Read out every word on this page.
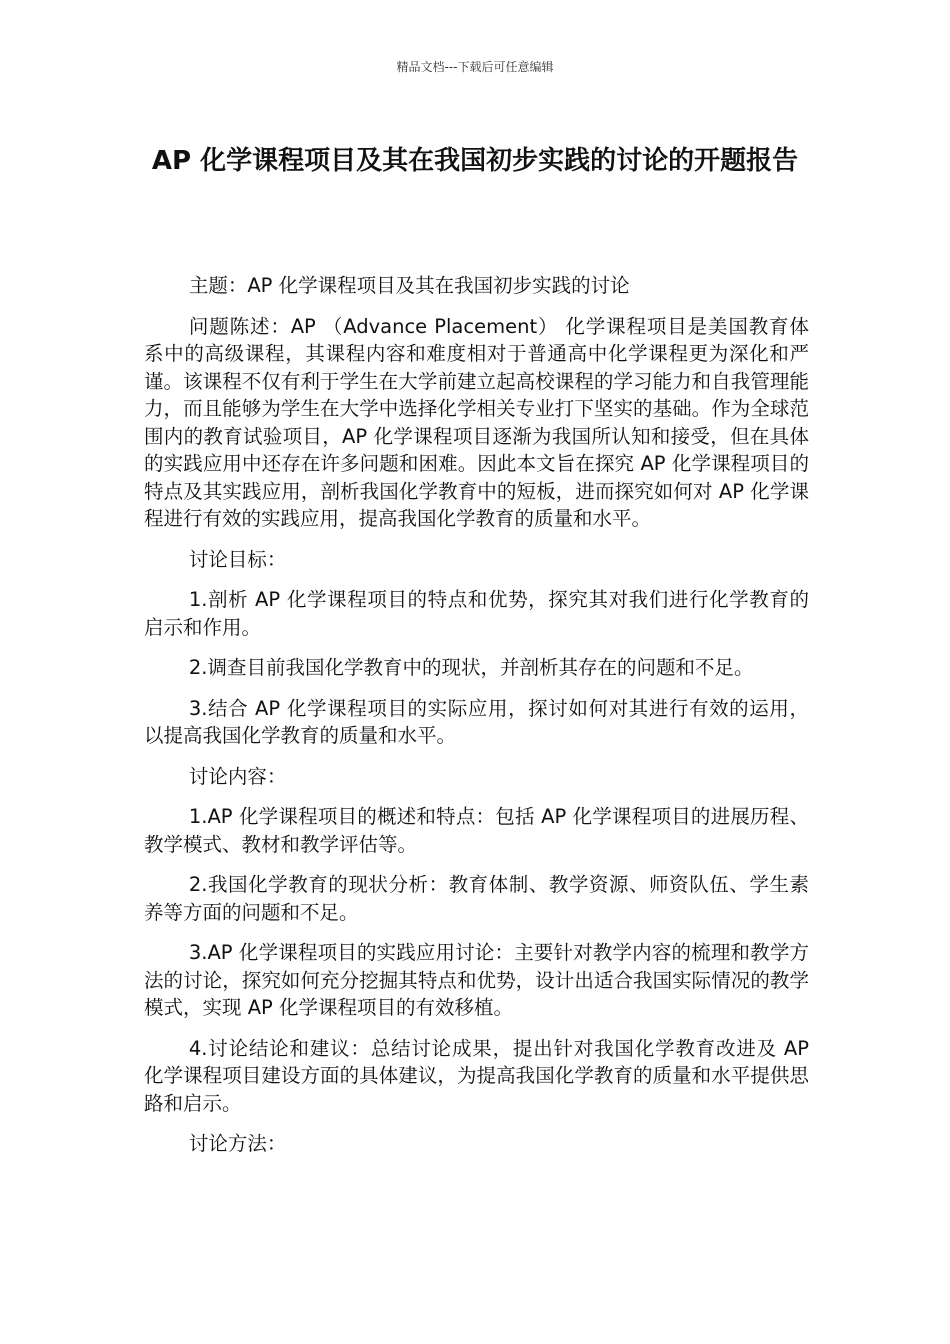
精品文档---下载后可任意编辑
AP 化学课程项目及其在我国初步实践的讨论的开题报告

主题：AP 化学课程项目及其在我国初步实践的讨论

问题陈述：AP （Advance Placement） 化学课程项目是美国教育体系中的高级课程，其课程内容和难度相对于普通高中化学课程更为深化和严谨。该课程不仅有利于学生在大学前建立起高校课程的学习能力和自我管理能力，而且能够为学生在大学中选择化学相关专业打下坚实的基础。作为全球范围内的教育试验项目，AP 化学课程项目逐渐为我国所认知和接受，但在具体的实践应用中还存在许多问题和困难。因此本文旨在探究 AP 化学课程项目的特点及其实践应用，剖析我国化学教育中的短板，进而探究如何对 AP 化学课程进行有效的实践应用，提高我国化学教育的质量和水平。

讨论目标：

1.剖析 AP 化学课程项目的特点和优势，探究其对我们进行化学教育的启示和作用。

2.调查目前我国化学教育中的现状，并剖析其存在的问题和不足。

3.结合 AP 化学课程项目的实际应用，探讨如何对其进行有效的运用，以提高我国化学教育的质量和水平。

讨论内容：

1.AP 化学课程项目的概述和特点：包括 AP 化学课程项目的进展历程、教学模式、教材和教学评估等。

2.我国化学教育的现状分析：教育体制、教学资源、师资队伍、学生素养等方面的问题和不足。

3.AP 化学课程项目的实践应用讨论：主要针对教学内容的梳理和教学方法的讨论，探究如何充分挖掘其特点和优势，设计出适合我国实际情况的教学模式，实现 AP 化学课程项目的有效移植。

4.讨论结论和建议：总结讨论成果，提出针对我国化学教育改进及 AP 化学课程项目建设方面的具体建议，为提高我国化学教育的质量和水平提供思路和启示。

讨论方法：
